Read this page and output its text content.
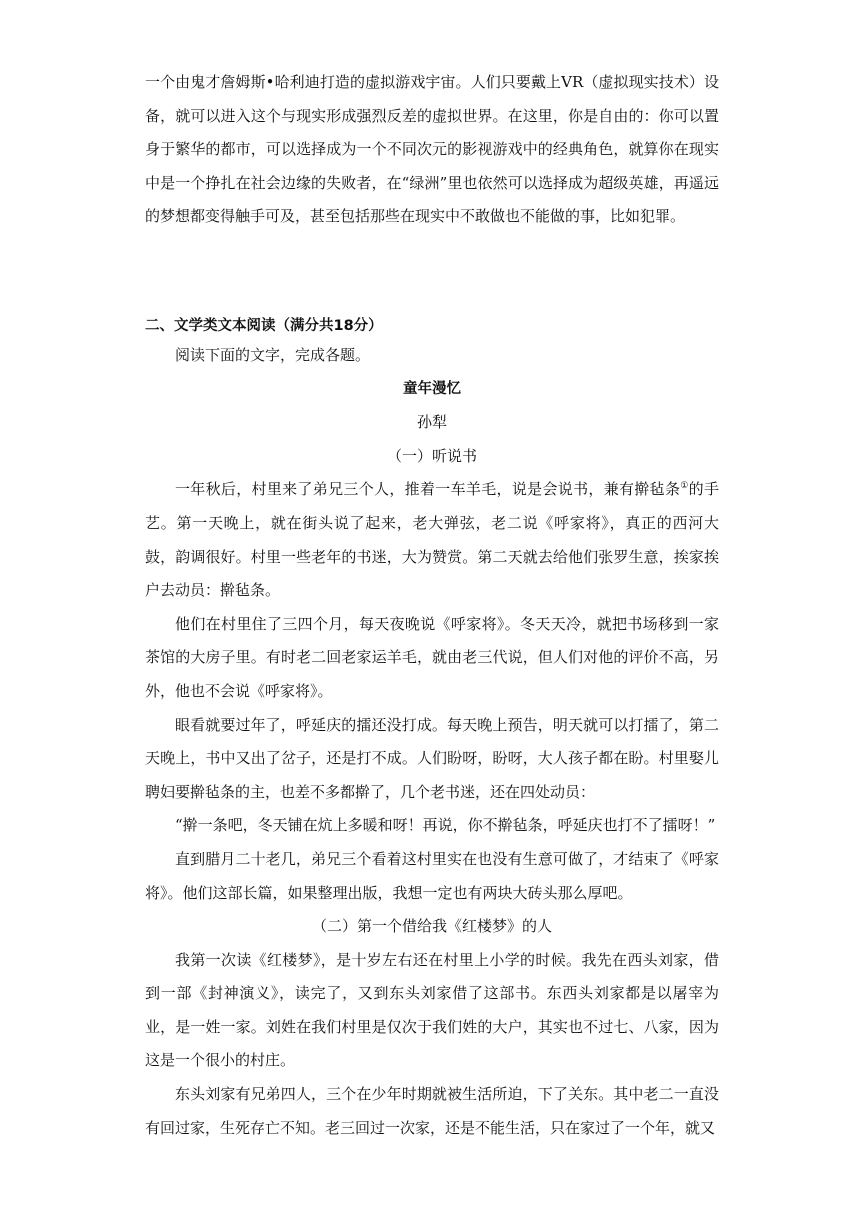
一个由鬼才詹姆斯•哈利迪打造的虚拟游戏宇宙。人们只要戴上VR（虚拟现实技术）设备，就可以进入这个与现实形成强烈反差的虚拟世界。在这里，你是自由的：你可以置身于繁华的都市，可以选择成为一个不同次元的影视游戏中的经典角色，就算你在现实中是一个挣扎在社会边缘的失败者，在“绿洲”里也依然可以选择成为超级英雄，再遥远的梦想都变得触手可及，甚至包括那些在现实中不敢做也不能做的事，比如犯罪。

二、文学类文本阅读（满分共18分）

阅读下面的文字，完成各题。

童年漫忆

孙犁

（一）听说书

一年秋后，村里来了弟兄三个人，推着一车羊毛，说是会说书，兼有擀毡条①的手艺。第一天晚上，就在街头说了起来，老大弹弦，老二说《呼家将》，真正的西河大鼓，韵调很好。村里一些老年的书迷，大为赞赏。第二天就去给他们张罗生意，挨家挨户去动员：擀毡条。

他们在村里住了三四个月，每天夜晚说《呼家将》。冬天天冷，就把书场移到一家茶馆的大房子里。有时老二回老家运羊毛，就由老三代说，但人们对他的评价不高，另外，他也不会说《呼家将》。

眼看就要过年了，呼延庆的擂还没打成。每天晚上预告，明天就可以打擂了，第二天晚上，书中又出了岔子，还是打不成。人们盼呀，盼呀，大人孩子都在盼。村里娶儿聘妇要擀毡条的主，也差不多都擀了，几个老书迷，还在四处动员：

“擀一条吧，冬天铺在炕上多暖和呀！再说，你不擀毡条，呼延庆也打不了擂呀！”

直到腊月二十老几，弟兄三个看着这村里实在也没有生意可做了，才结束了《呼家将》。他们这部长篇，如果整理出版，我想一定也有两块大砖头那么厚吧。

（二）第一个借给我《红楼梦》的人

我第一次读《红楼梦》，是十岁左右还在村里上小学的时候。我先在西头刘家，借到一部《封神演义》，读完了，又到东头刘家借了这部书。东西头刘家都是以屠宰为业，是一姓一家。刘姓在我们村里是仅次于我们姓的大户，其实也不过七、八家，因为这是一个很小的村庄。

东头刘家有兄弟四人，三个在少年时期就被生活所迫，下了关东。其中老二一直没有回过家，生死存亡不知。老三回过一次家，还是不能生活，只在家过了一个年，就又
